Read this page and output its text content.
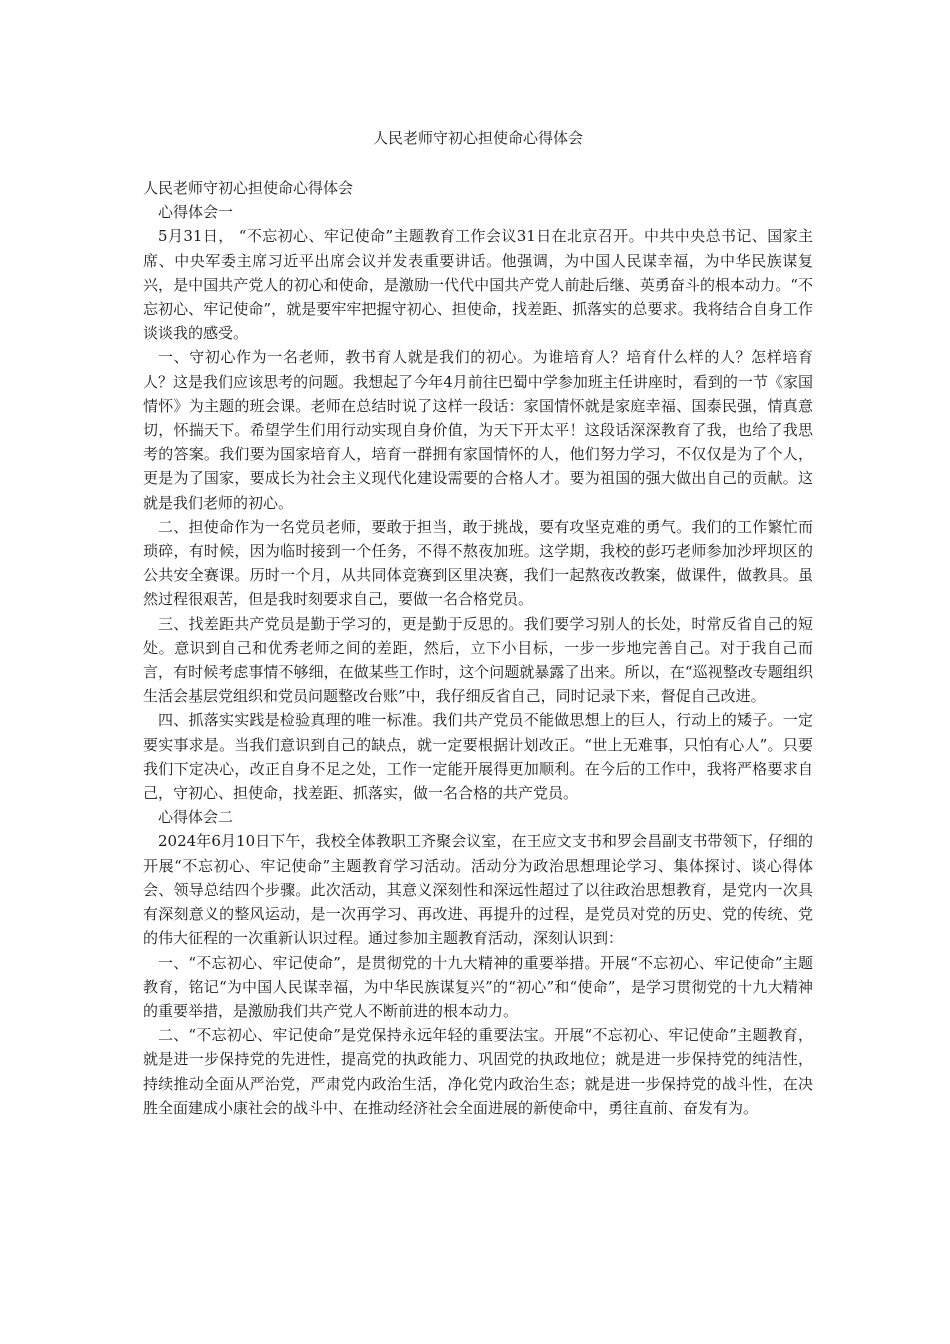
人民老师守初心担使命心得体会

人民老师守初心担使命心得体会

心得体会一

5月31日， “不忘初心、牢记使命”主题教育工作会议31日在北京召开。中共中央总书记、国家主席、中央军委主席习近平出席会议并发表重要讲话。他强调，为中国人民谋幸福，为中华民族谋复兴，是中国共产党人的初心和使命，是激励一代代中国共产党人前赴后继、英勇奋斗的根本动力。“不忘初心、牢记使命”，就是要牢牢把握守初心、担使命，找差距、抓落实的总要求。我将结合自身工作谈谈我的感受。

一、守初心作为一名老师，教书育人就是我们的初心。为谁培育人？培育什么样的人？怎样培育人？这是我们应该思考的问题。我想起了今年4月前往巴蜀中学参加班主任讲座时，看到的一节《家国情怀》为主题的班会课。老师在总结时说了这样一段话：家国情怀就是家庭幸福、国泰民强，情真意切，怀揣天下。希望学生们用行动实现自身价值，为天下开太平！这段话深深教育了我，也给了我思考的答案。我们要为国家培育人，培育一群拥有家国情怀的人，他们努力学习，不仅仅是为了个人，更是为了国家，要成长为社会主义现代化建设需要的合格人才。要为祖国的强大做出自己的贡献。这就是我们老师的初心。

二、担使命作为一名党员老师，要敢于担当，敢于挑战，要有攻坚克难的勇气。我们的工作繁忙而琐碎，有时候，因为临时接到一个任务，不得不熬夜加班。这学期，我校的彭巧老师参加沙坪坝区的公共安全赛课。历时一个月，从共同体竞赛到区里决赛，我们一起熬夜改教案，做课件，做教具。虽然过程很艰苦，但是我时刻要求自己，要做一名合格党员。

三、找差距共产党员是勤于学习的，更是勤于反思的。我们要学习别人的长处，时常反省自己的短处。意识到自己和优秀老师之间的差距，然后，立下小目标，一步一步地完善自己。对于我自己而言，有时候考虑事情不够细，在做某些工作时，这个问题就暴露了出来。所以，在“巡视整改专题组织生活会基层党组织和党员问题整改台账”中，我仔细反省自己，同时记录下来，督促自己改进。

四、抓落实实践是检验真理的唯一标准。我们共产党员不能做思想上的巨人，行动上的矮子。一定要实事求是。当我们意识到自己的缺点，就一定要根据计划改正。“世上无难事，只怕有心人”。只要我们下定决心，改正自身不足之处，工作一定能开展得更加顺利。在今后的工作中，我将严格要求自己，守初心、担使命，找差距、抓落实，做一名合格的共产党员。

心得体会二

2024年6月10日下午，我校全体教职工齐聚会议室，在王应文支书和罗会昌副支书带领下，仔细的开展“不忘初心、牢记使命”主题教育学习活动。活动分为政治思想理论学习、集体探讨、谈心得体会、领导总结四个步骤。此次活动，其意义深刻性和深远性超过了以往政治思想教育，是党内一次具有深刻意义的整风运动，是一次再学习、再改进、再提升的过程，是党员对党的历史、党的传统、党的伟大征程的一次重新认识过程。通过参加主题教育活动，深刻认识到：

一、“不忘初心、牢记使命”，是贯彻党的十九大精神的重要举措。开展“不忘初心、牢记使命”主题教育，铭记“为中国人民谋幸福，为中华民族谋复兴”的“初心”和“使命”，是学习贯彻党的十九大精神的重要举措，是激励我们共产党人不断前进的根本动力。

二、“不忘初心、牢记使命”是党保持永远年轻的重要法宝。开展“不忘初心、牢记使命”主题教育，就是进一步保持党的先进性，提高党的执政能力、巩固党的执政地位；就是进一步保持党的纯洁性，持续推动全面从严治党，严肃党内政治生活，净化党内政治生态；就是进一步保持党的战斗性，在决胜全面建成小康社会的战斗中、在推动经济社会全面进展的新使命中，勇往直前、奋发有为。
